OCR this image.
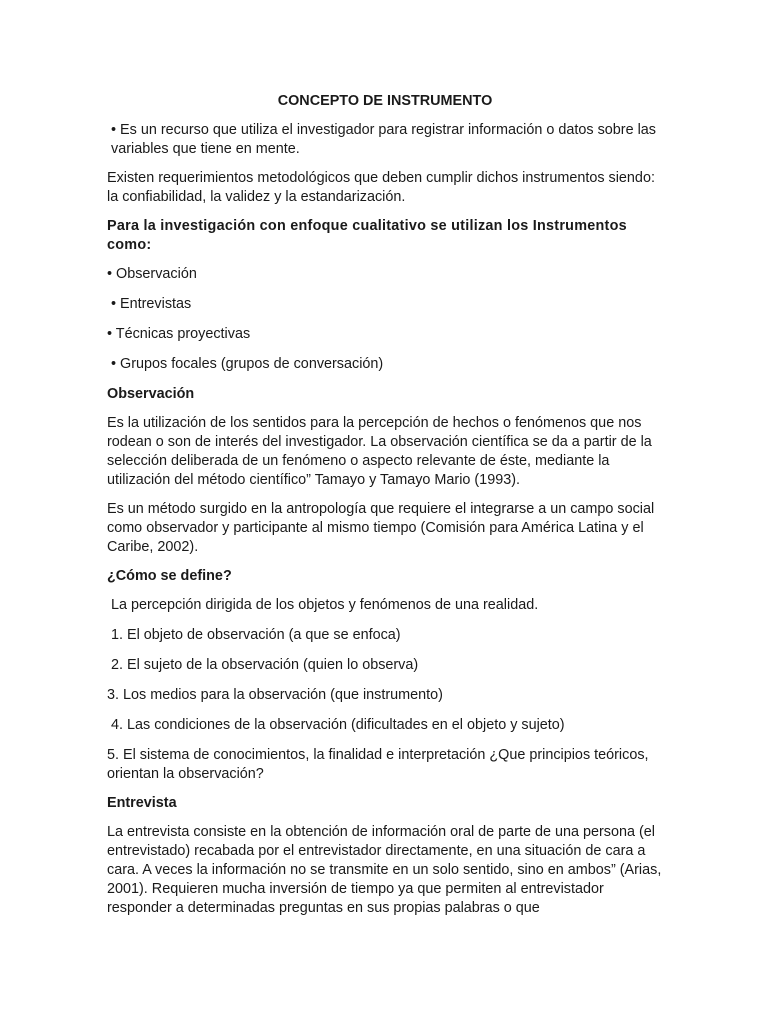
CONCEPTO DE INSTRUMENTO

• Es un recurso que utiliza el investigador para registrar información o datos sobre las variables que tiene en mente.

Existen requerimientos metodológicos que deben cumplir dichos instrumentos siendo: la confiabilidad, la validez y la estandarización.

Para la investigación con enfoque cualitativo se utilizan los Instrumentos como:

• Observación
• Entrevistas
• Técnicas proyectivas
• Grupos focales (grupos de conversación)

Observación

Es la utilización de los sentidos para la percepción de hechos o fenómenos que nos rodean o son de interés del investigador. La observación científica se da a partir de la selección deliberada de un fenómeno o aspecto relevante de éste, mediante la utilización del método científico” Tamayo y Tamayo Mario (1993).

Es un método surgido en la antropología que requiere el integrarse a un campo social como observador y participante al mismo tiempo (Comisión para América Latina y el Caribe, 2002).

¿Cómo se define?

La percepción dirigida de los objetos y fenómenos de una realidad.
1. El objeto de observación (a que se enfoca)
2. El sujeto de la observación (quien lo observa)
3. Los medios para la observación (que instrumento)
4. Las condiciones de la observación (dificultades en el objeto y sujeto)

5. El sistema de conocimientos, la finalidad e interpretación ¿Que principios teóricos, orientan la observación?

Entrevista

La entrevista consiste en la obtención de información oral de parte de una persona (el entrevistado) recabada por el entrevistador directamente, en una situación de cara a cara. A veces la información no se transmite en un solo sentido, sino en ambos” (Arias, 2001). Requieren mucha inversión de tiempo ya que permiten al entrevistador responder a determinadas preguntas en sus propias palabras o que
